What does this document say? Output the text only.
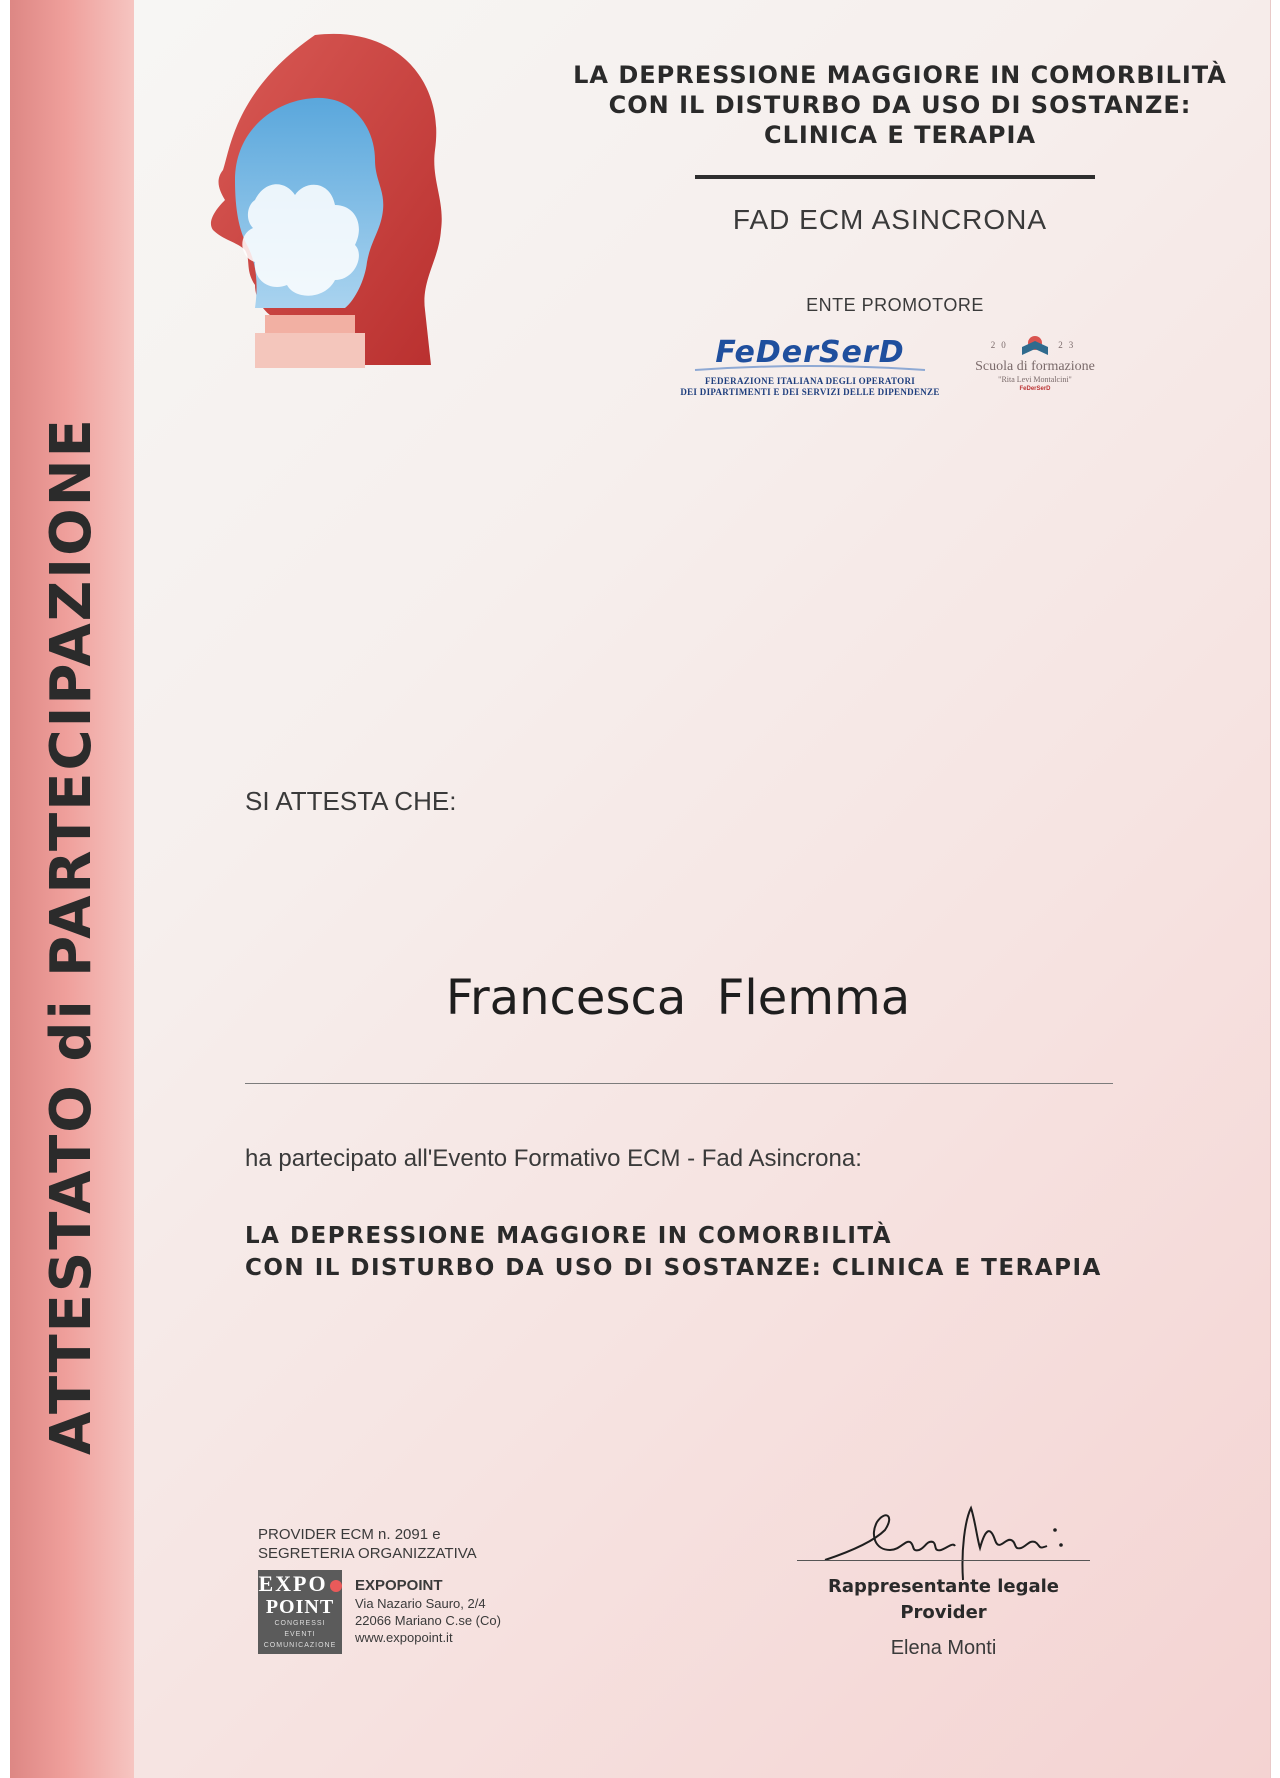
ATTESTATO di PARTECIPAZIONE
LA DEPRESSIONE MAGGIORE IN COMORBILITÀ
CON IL DISTURBO DA USO DI SOSTANZE:
CLINICA E TERAPIA
FAD ECM ASINCRONA
ENTE PROMOTORE
FeDerSerD
FEDERAZIONE ITALIANA DEGLI OPERATORI
DEI DIPARTIMENTI E DEI SERVIZI DELLE DIPENDENZE
20	23
Scuola di formazione
"Rita Levi Montalcini"
FeDerSerD
SI ATTESTA CHE:
Francesca  Flemma
ha partecipato all'Evento Formativo ECM - Fad Asincrona:
LA DEPRESSIONE MAGGIORE IN COMORBILITÀ
CON IL DISTURBO DA USO DI SOSTANZE: CLINICA E TERAPIA
PROVIDER ECM n. 2091 e
SEGRETERIA ORGANIZZATIVA
EXPO
POINT
CONGRESSI
EVENTI
COMUNICAZIONE
EXPOPOINT
Via Nazario Sauro, 2/4
22066 Mariano C.se (Co)
www.expopoint.it
Rappresentante legale
Provider
Elena Monti
